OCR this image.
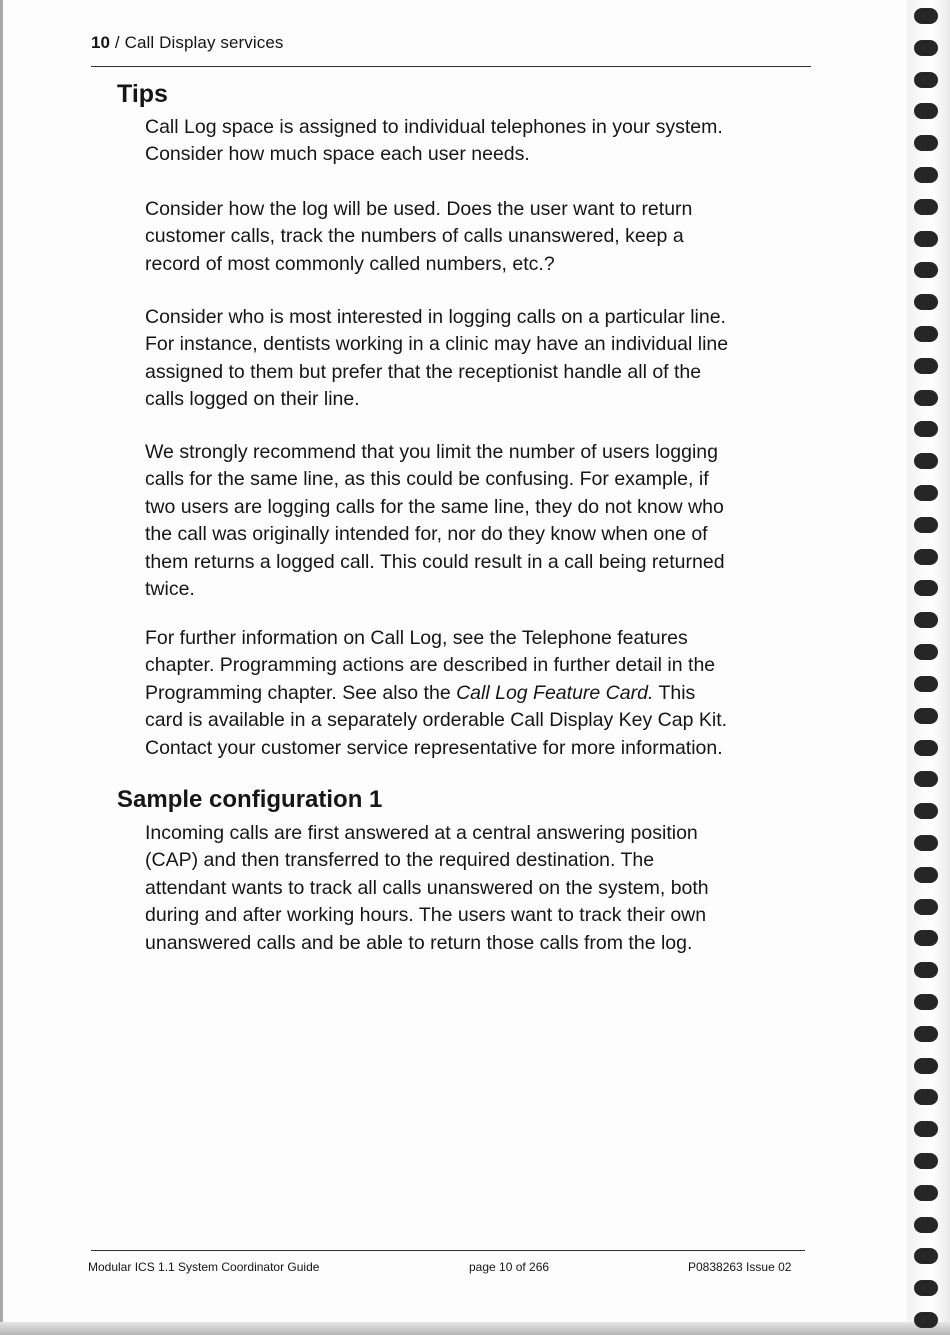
10 / Call Display services
Tips

Call Log space is assigned to individual telephones in your system.
Consider how much space each user needs.

Consider how the log will be used. Does the user want to return
customer calls, track the numbers of calls unanswered, keep a
record of most commonly called numbers, etc.?

Consider who is most interested in logging calls on a particular line.
For instance, dentists working in a clinic may have an individual line
assigned to them but prefer that the receptionist handle all of the
calls logged on their line.

We strongly recommend that you limit the number of users logging
calls for the same line, as this could be confusing. For example, if
two users are logging calls for the same line, they do not know who
the call was originally intended for, nor do they know when one of
them returns a logged call. This could result in a call being returned
twice.

For further information on Call Log, see the Telephone features
chapter. Programming actions are described in further detail in the
Programming chapter. See also the Call Log Feature Card. This
card is available in a separately orderable Call Display Key Cap Kit.
Contact your customer service representative for more information.

Sample configuration 1

Incoming calls are first answered at a central answering position
(CAP) and then transferred to the required destination. The
attendant wants to track all calls unanswered on the system, both
during and after working hours. The users want to track their own
unanswered calls and be able to return those calls from the log.

Modular ICS 1.1 System Coordinator Guide	page 10 of 266	P0838263 Issue 02
